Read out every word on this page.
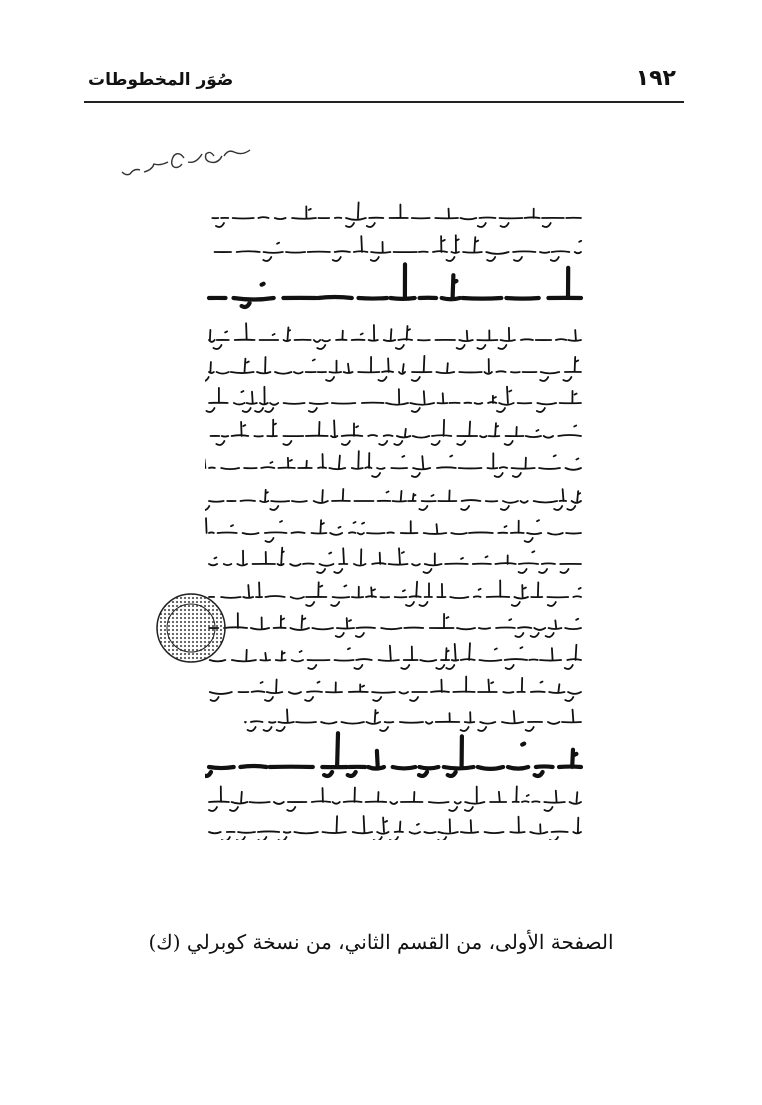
١٩٢
صُوَر المخطوطات
الصفحة الأولى، من القسم الثاني، من نسخة كوبرلي (ك)
